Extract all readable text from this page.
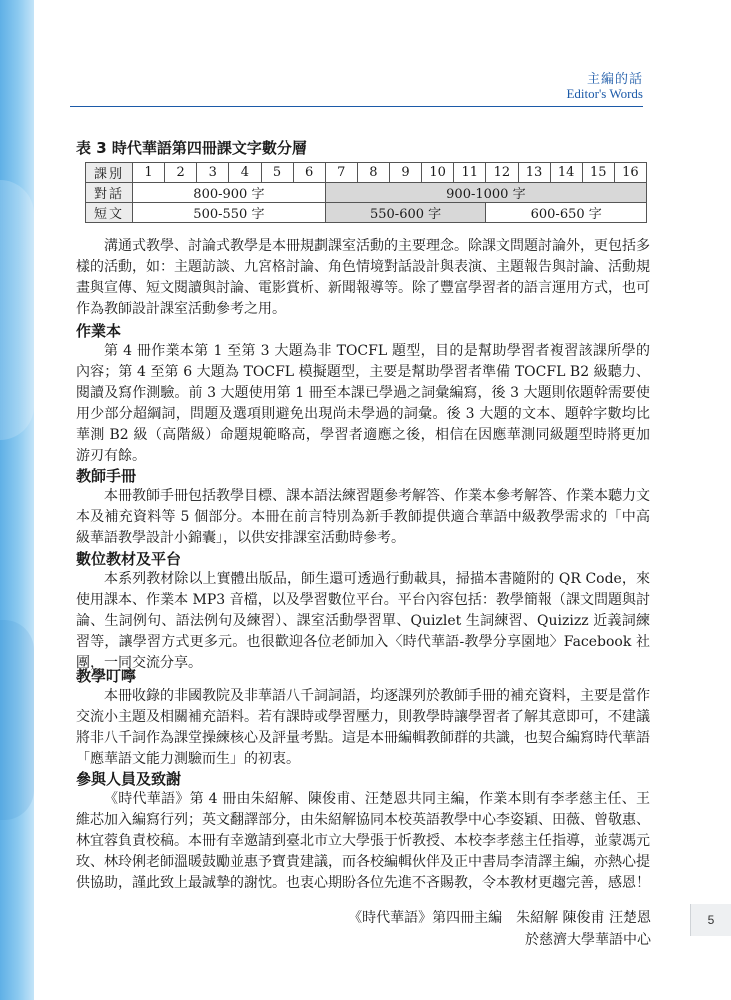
主編的話
Editor's Words
表 3 時代華語第四冊課文字數分層
課別	1	2	3	4	5	6	7	8	9	10	11	12	13	14	15	16
對話	800-900 字						900-1000 字									
短文	500-550 字						550-600 字					600-650 字				
溝通式教學、討論式教學是本冊規劃課室活動的主要理念。除課文問題討論外，更包括多樣的活動，如：主題訪談、九宮格討論、角色情境對話設計與表演、主題報告與討論、活動規畫與宣傳、短文閱讀與討論、電影賞析、新聞報導等。除了豐富學習者的語言運用方式，也可作為教師設計課室活動參考之用。
作業本
第 4 冊作業本第 1 至第 3 大題為非 TOCFL 題型，目的是幫助學習者複習該課所學的內容；第 4 至第 6 大題為 TOCFL 模擬題型，主要是幫助學習者準備 TOCFL B2 級聽力、閱讀及寫作測驗。前 3 大題使用第 1 冊至本課已學過之詞彙編寫，後 3 大題則依題幹需要使用少部分超綱詞，問題及選項則避免出現尚未學過的詞彙。後 3 大題的文本、題幹字數均比華測 B2 級（高階級）命題規範略高，學習者適應之後，相信在因應華測同級題型時將更加游刃有餘。
教師手冊
本冊教師手冊包括教學目標、課本語法練習題參考解答、作業本參考解答、作業本聽力文本及補充資料等 5 個部分。本冊在前言特別為新手教師提供適合華語中級教學需求的「中高級華語教學設計小錦囊」，以供安排課室活動時參考。
數位教材及平台
本系列教材除以上實體出版品，師生還可透過行動載具，掃描本書隨附的 QR Code，來使用課本、作業本 MP3 音檔，以及學習數位平台。平台內容包括：教學簡報（課文問題與討論、生詞例句、語法例句及練習）、課室活動學習單、Quizlet 生詞練習、Quizizz 近義詞練習等，讓學習方式更多元。也很歡迎各位老師加入〈時代華語-教學分享園地〉Facebook 社團，一同交流分享。
教學叮嚀
本冊收錄的非國教院及非華語八千詞詞語，均逐課列於教師手冊的補充資料，主要是當作交流小主題及相關補充語料。若有課時或學習壓力，則教學時讓學習者了解其意即可，不建議將非八千詞作為課堂操練核心及評量考點。這是本冊編輯教師群的共識，也契合編寫時代華語「應華語文能力測驗而生」的初衷。
參與人員及致謝
《時代華語》第 4 冊由朱紹解、陳俊甫、汪楚恩共同主編，作業本則有李孝慈主任、王維芯加入編寫行列；英文翻譯部分，由朱紹解協同本校英語教學中心李姿穎、田薇、曾敬惠、林宜蓉負責校稿。本冊有幸邀請到臺北市立大學張于忻教授、本校李孝慈主任指導，並蒙馮元玫、林玲俐老師溫暖鼓勵並惠予寶貴建議，而各校編輯伙伴及正中書局李清譯主編，亦熱心提供協助，謹此致上最誠摯的謝忱。也衷心期盼各位先進不吝賜教，令本教材更趨完善，感恩！
《時代華語》第四冊主編　朱紹解 陳俊甫 汪楚恩
於慈濟大學華語中心
5
